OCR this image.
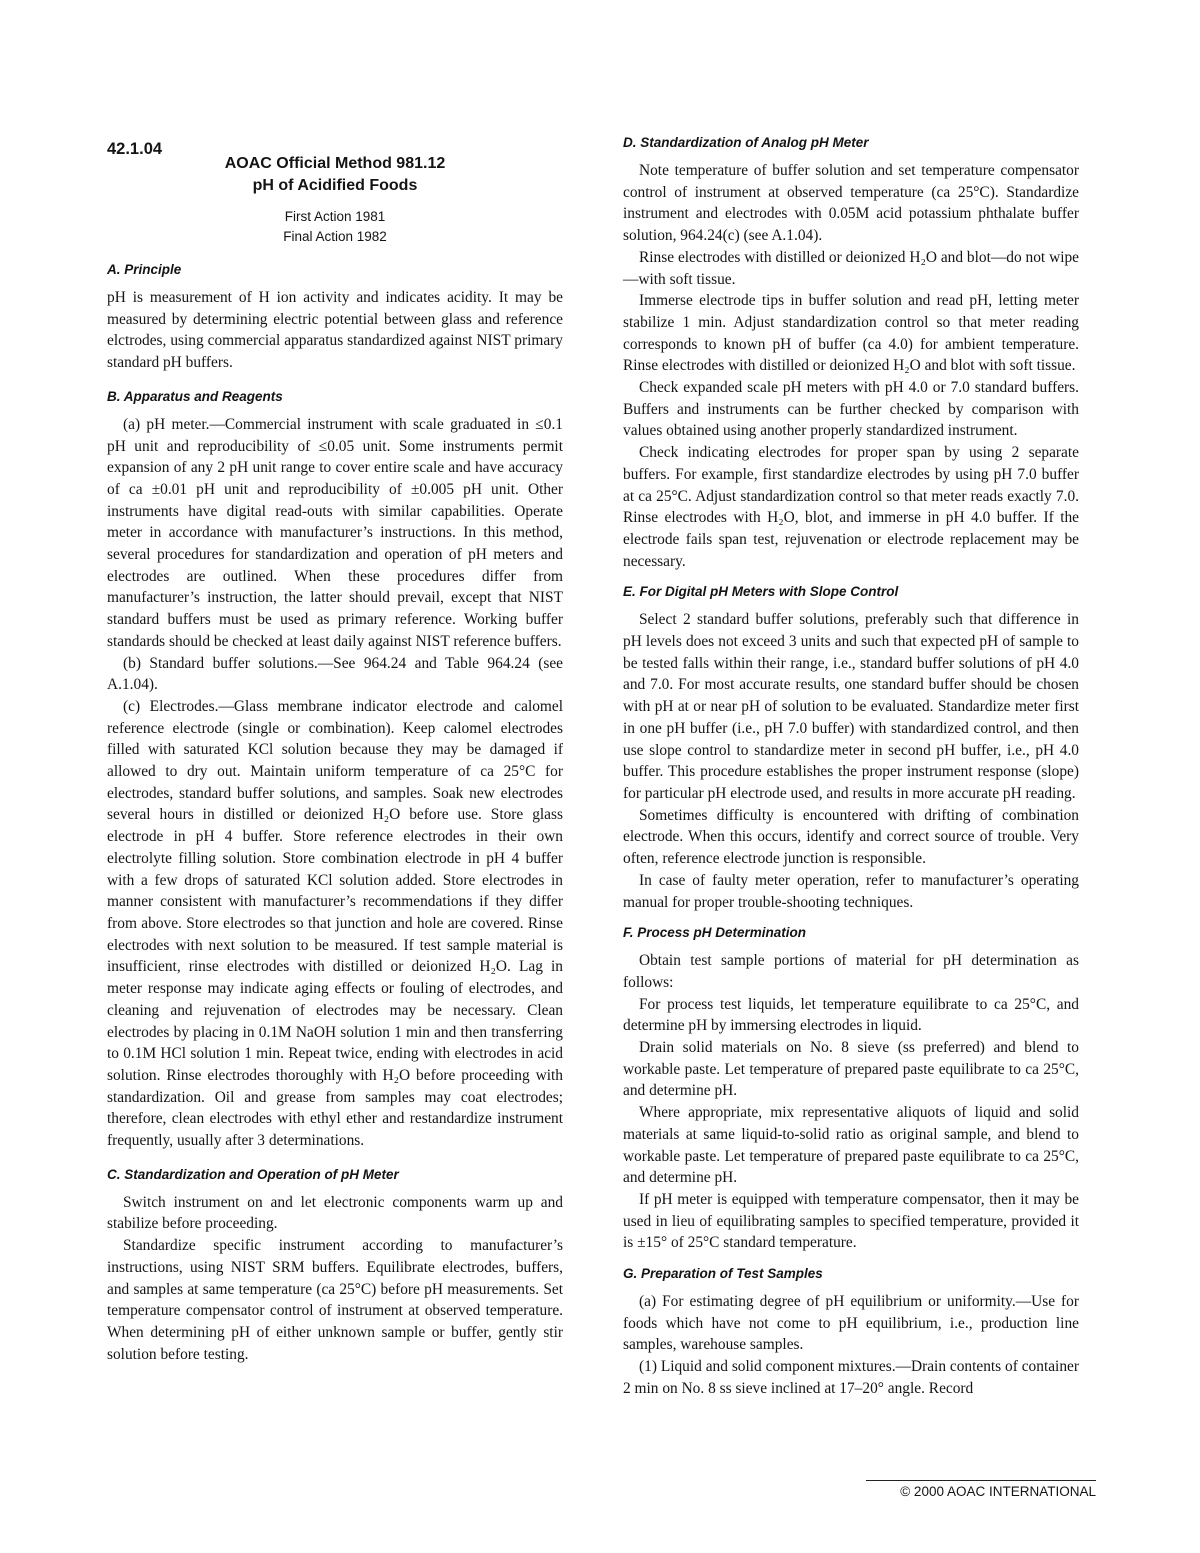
42.1.04
AOAC Official Method 981.12
pH of Acidified Foods
First Action 1981
Final Action 1982
A. Principle

pH is measurement of H ion activity and indicates acidity. It may be measured by determining electric potential between glass and reference elctrodes, using commercial apparatus standardized against NIST primary standard pH buffers.

B. Apparatus and Reagents

(a) pH meter.—Commercial instrument with scale graduated in ≤0.1 pH unit and reproducibility of ≤0.05 unit. Some instruments permit expansion of any 2 pH unit range to cover entire scale and have accuracy of ca ±0.01 pH unit and reproducibility of ±0.005 pH unit. Other instruments have digital read-outs with similar capabilities. Operate meter in accordance with manufacturer’s instructions. In this method, several procedures for standardization and operation of pH meters and electrodes are outlined. When these procedures differ from manufacturer’s instruction, the latter should prevail, except that NIST standard buffers must be used as primary reference. Working buffer standards should be checked at least daily against NIST reference buffers.

(b) Standard buffer solutions.—See 964.24 and Table 964.24 (see A.1.04).

(c) Electrodes.—Glass membrane indicator electrode and calomel reference electrode (single or combination). Keep calomel electrodes filled with saturated KCl solution because they may be damaged if allowed to dry out. Maintain uniform temperature of ca 25°C for electrodes, standard buffer solutions, and samples. Soak new electrodes several hours in distilled or deionized H₂O before use. Store glass electrode in pH 4 buffer. Store reference electrodes in their own electrolyte filling solution. Store combination electrode in pH 4 buffer with a few drops of saturated KCl solution added. Store electrodes in manner consistent with manufacturer’s recommendations if they differ from above. Store electrodes so that junction and hole are covered. Rinse electrodes with next solution to be measured. If test sample material is insufficient, rinse electrodes with distilled or deionized H₂O. Lag in meter response may indicate aging effects or fouling of electrodes, and cleaning and rejuvenation of electrodes may be necessary. Clean electrodes by placing in 0.1M NaOH solution 1 min and then transferring to 0.1M HCl solution 1 min. Repeat twice, ending with electrodes in acid solution. Rinse electrodes thoroughly with H₂O before proceeding with standardization. Oil and grease from samples may coat electrodes; therefore, clean electrodes with ethyl ether and restandardize instrument frequently, usually after 3 determinations.

C. Standardization and Operation of pH Meter

Switch instrument on and let electronic components warm up and stabilize before proceeding.

Standardize specific instrument according to manufacturer’s instructions, using NIST SRM buffers. Equilibrate electrodes, buffers, and samples at same temperature (ca 25°C) before pH measurements. Set temperature compensator control of instrument at observed temperature. When determining pH of either unknown sample or buffer, gently stir solution before testing.

D. Standardization of Analog pH Meter

Note temperature of buffer solution and set temperature compensator control of instrument at observed temperature (ca 25°C). Standardize instrument and electrodes with 0.05M acid potassium phthalate buffer solution, 964.24(c) (see A.1.04).

Rinse electrodes with distilled or deionized H₂O and blot—do not wipe—with soft tissue.

Immerse electrode tips in buffer solution and read pH, letting meter stabilize 1 min. Adjust standardization control so that meter reading corresponds to known pH of buffer (ca 4.0) for ambient temperature. Rinse electrodes with distilled or deionized H₂O and blot with soft tissue.

Check expanded scale pH meters with pH 4.0 or 7.0 standard buffers. Buffers and instruments can be further checked by comparison with values obtained using another properly standardized instrument.

Check indicating electrodes for proper span by using 2 separate buffers. For example, first standardize electrodes by using pH 7.0 buffer at ca 25°C. Adjust standardization control so that meter reads exactly 7.0. Rinse electrodes with H₂O, blot, and immerse in pH 4.0 buffer. If the electrode fails span test, rejuvenation or electrode replacement may be necessary.

E. For Digital pH Meters with Slope Control

Select 2 standard buffer solutions, preferably such that difference in pH levels does not exceed 3 units and such that expected pH of sample to be tested falls within their range, i.e., standard buffer solutions of pH 4.0 and 7.0. For most accurate results, one standard buffer should be chosen with pH at or near pH of solution to be evaluated. Standardize meter first in one pH buffer (i.e., pH 7.0 buffer) with standardized control, and then use slope control to standardize meter in second pH buffer, i.e., pH 4.0 buffer. This procedure establishes the proper instrument response (slope) for particular pH electrode used, and results in more accurate pH reading.

Sometimes difficulty is encountered with drifting of combination electrode. When this occurs, identify and correct source of trouble. Very often, reference electrode junction is responsible.

In case of faulty meter operation, refer to manufacturer’s operating manual for proper trouble-shooting techniques.

F. Process pH Determination

Obtain test sample portions of material for pH determination as follows:

For process test liquids, let temperature equilibrate to ca 25°C, and determine pH by immersing electrodes in liquid.

Drain solid materials on No. 8 sieve (ss preferred) and blend to workable paste. Let temperature of prepared paste equilibrate to ca 25°C, and determine pH.

Where appropriate, mix representative aliquots of liquid and solid materials at same liquid-to-solid ratio as original sample, and blend to workable paste. Let temperature of prepared paste equilibrate to ca 25°C, and determine pH.

If pH meter is equipped with temperature compensator, then it may be used in lieu of equilibrating samples to specified temperature, provided it is ±15° of 25°C standard temperature.

G. Preparation of Test Samples

(a) For estimating degree of pH equilibrium or uniformity.—Use for foods which have not come to pH equilibrium, i.e., production line samples, warehouse samples.

(1) Liquid and solid component mixtures.—Drain contents of container 2 min on No. 8 ss sieve inclined at 17–20° angle. Record

© 2000 AOAC INTERNATIONAL
